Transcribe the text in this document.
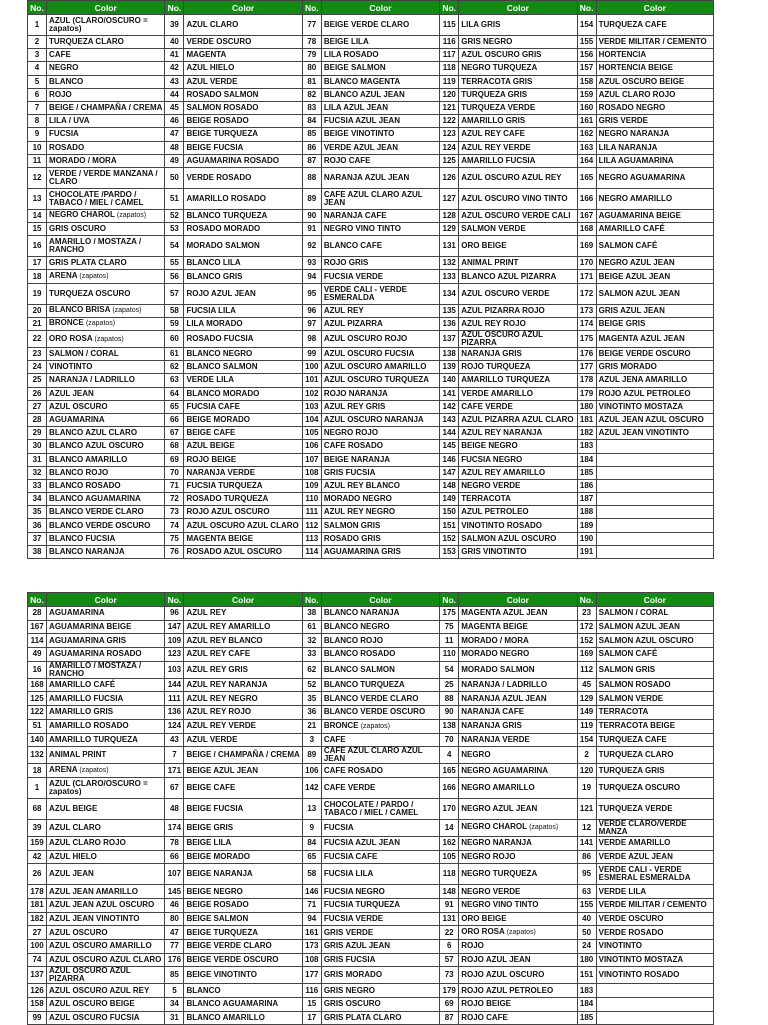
No.	Color	No.	Color	No.	Color	No.	Color	No.	Color
1	AZUL (CLARO/OSCURO = zapatos)	39	AZUL CLARO	77	BEIGE VERDE CLARO	115	LILA GRIS	154	TURQUEZA CAFE
2	TURQUEZA CLARO	40	VERDE OSCURO	78	BEIGE LILA	116	GRIS NEGRO	155	VERDE MILITAR / CEMENTO
3	CAFE	41	MAGENTA	79	LILA ROSADO	117	AZUL OSCURO GRIS	156	HORTENCIA
4	NEGRO	42	AZUL HIELO	80	BEIGE SALMON	118	NEGRO TURQUEZA	157	HORTENCIA BEIGE
5	BLANCO	43	AZUL VERDE	81	BLANCO MAGENTA	119	TERRACOTA GRIS	158	AZUL OSCURO BEIGE
6	ROJO	44	ROSADO SALMON	82	BLANCO AZUL JEAN	120	TURQUEZA GRIS	159	AZUL CLARO ROJO
7	BEIGE / CHAMPAÑA / CREMA	45	SALMON ROSADO	83	LILA AZUL JEAN	121	TURQUEZA VERDE	160	ROSADO NEGRO
8	LILA / UVA	46	BEIGE ROSADO	84	FUCSIA AZUL JEAN	122	AMARILLO GRIS	161	GRIS VERDE
9	FUCSIA	47	BEIGE TURQUEZA	85	BEIGE VINOTINTO	123	AZUL REY CAFE	162	NEGRO NARANJA
10	ROSADO	48	BEIGE FUCSIA	86	VERDE AZUL JEAN	124	AZUL REY VERDE	163	LILA NARANJA
11	MORADO / MORA	49	AGUAMARINA ROSADO	87	ROJO CAFE	125	AMARILLO FUCSIA	164	LILA AGUAMARINA
12	VERDE / VERDE MANZANA / CLARO	50	VERDE ROSADO	88	NARANJA AZUL JEAN	126	AZUL OSCURO AZUL REY	165	NEGRO AGUAMARINA
13	CHOCOLATE /PARDO / TABACO / MIEL / CAMEL	51	AMARILLO ROSADO	89	CAFE AZUL CLARO AZUL JEAN	127	AZUL OSCURO VINO TINTO	166	NEGRO AMARILLO
14	NEGRO CHAROL (zapatos)	52	BLANCO TURQUEZA	90	NARANJA CAFE	128	AZUL OSCURO VERDE CALI	167	AGUAMARINA BEIGE
15	GRIS OSCURO	53	ROSADO MORADO	91	NEGRO VINO TINTO	129	SALMON VERDE	168	AMARILLO CAFÉ
16	AMARILLO / MOSTAZA / RANCHO	54	MORADO SALMON	92	BLANCO CAFE	131	ORO BEIGE	169	SALMON CAFÉ
17	GRIS PLATA CLARO	55	BLANCO LILA	93	ROJO GRIS	132	ANIMAL PRINT	170	NEGRO AZUL JEAN
18	ARENA (zapatos)	56	BLANCO GRIS	94	FUCSIA VERDE	133	BLANCO AZUL PIZARRA	171	BEIGE AZUL JEAN
19	TURQUEZA OSCURO	57	ROJO AZUL JEAN	95	VERDE CALI - VERDE ESMERALDA	134	AZUL OSCURO VERDE	172	SALMON AZUL JEAN
20	BLANCO BRISA (zapatos)	58	FUCSIA LILA	96	AZUL REY	135	AZUL PIZARRA ROJO	173	GRIS AZUL JEAN
21	BRONCE (zapatos)	59	LILA MORADO	97	AZUL PIZARRA	136	AZUL REY ROJO	174	BEIGE GRIS
22	ORO ROSA (zapatos)	60	ROSADO FUCSIA	98	AZUL OSCURO ROJO	137	AZUL OSCURO AZUL PIZARRA	175	MAGENTA AZUL JEAN
23	SALMON / CORAL	61	BLANCO NEGRO	99	AZUL OSCURO FUCSIA	138	NARANJA GRIS	176	BEIGE VERDE OSCURO
24	VINOTINTO	62	BLANCO SALMON	100	AZUL OSCURO AMARILLO	139	ROJO TURQUEZA	177	GRIS MORADO
25	NARANJA / LADRILLO	63	VERDE LILA	101	AZUL OSCURO TURQUEZA	140	AMARILLO TURQUEZA	178	AZUL JENA AMARILLO
26	AZUL JEAN	64	BLANCO MORADO	102	ROJO NARANJA	141	VERDE AMARILLO	179	ROJO AZUL PETROLEO
27	AZUL OSCURO	65	FUCSIA CAFE	103	AZUL REY GRIS	142	CAFE VERDE	180	VINOTINTO MOSTAZA
28	AGUAMARINA	66	BEIGE MORADO	104	AZUL OSCURO NARANJA	143	AZUL PIZARRA AZUL CLARO	181	AZUL JEAN AZUL OSCURO
29	BLANCO AZUL CLARO	67	BEIGE CAFE	105	NEGRO ROJO	144	AZUL REY NARANJA	182	AZUL JEAN VINOTINTO
30	BLANCO AZUL OSCURO	68	AZUL BEIGE	106	CAFE ROSADO	145	BEIGE NEGRO	183	
31	BLANCO AMARILLO	69	ROJO BEIGE	107	BEIGE NARANJA	146	FUCSIA NEGRO	184	
32	BLANCO ROJO	70	NARANJA VERDE	108	GRIS FUCSIA	147	AZUL REY AMARILLO	185	
33	BLANCO ROSADO	71	FUCSIA TURQUEZA	109	AZUL REY BLANCO	148	NEGRO VERDE	186	
34	BLANCO AGUAMARINA	72	ROSADO TURQUEZA	110	MORADO NEGRO	149	TERRACOTA	187	
35	BLANCO VERDE CLARO	73	ROJO AZUL OSCURO	111	AZUL REY NEGRO	150	AZUL PETROLEO	188	
36	BLANCO VERDE OSCURO	74	AZUL OSCURO AZUL CLARO	112	SALMON GRIS	151	VINOTINTO ROSADO	189	
37	BLANCO FUCSIA	75	MAGENTA BEIGE	113	ROSADO GRIS	152	SALMON AZUL OSCURO	190	
38	BLANCO NARANJA	76	ROSADO AZUL OSCURO	114	AGUAMARINA GRIS	153	GRIS VINOTINTO	191	
No.	Color	No.	Color	No.	Color	No.	Color	No.	Color
28	AGUAMARINA	96	AZUL REY	38	BLANCO NARANJA	175	MAGENTA AZUL JEAN	23	SALMON / CORAL
167	AGUAMARINA BEIGE	147	AZUL REY AMARILLO	61	BLANCO NEGRO	75	MAGENTA BEIGE	172	SALMON AZUL JEAN
114	AGUAMARINA GRIS	109	AZUL REY BLANCO	32	BLANCO ROJO	11	MORADO / MORA	152	SALMON AZUL OSCURO
49	AGUAMARINA ROSADO	123	AZUL REY CAFE	33	BLANCO ROSADO	110	MORADO NEGRO	169	SALMON CAFÉ
16	AMARILLO / MOSTAZA / RANCHO	103	AZUL REY GRIS	62	BLANCO SALMON	54	MORADO SALMON	112	SALMON GRIS
168	AMARILLO CAFÉ	144	AZUL REY NARANJA	52	BLANCO TURQUEZA	25	NARANJA / LADRILLO	45	SALMON ROSADO
125	AMARILLO FUCSIA	111	AZUL REY NEGRO	35	BLANCO VERDE CLARO	88	NARANJA AZUL JEAN	129	SALMON VERDE
122	AMARILLO GRIS	136	AZUL REY ROJO	36	BLANCO VERDE OSCURO	90	NARANJA CAFE	149	TERRACOTA
51	AMARILLO ROSADO	124	AZUL REY VERDE	21	BRONCE (zapatos)	138	NARANJA GRIS	119	TERRACOTA BEIGE
140	AMARILLO TURQUEZA	43	AZUL VERDE	3	CAFE	70	NARANJA VERDE	154	TURQUEZA CAFE
132	ANIMAL PRINT	7	BEIGE / CHAMPAÑA / CREMA	89	CAFE AZUL CLARO AZUL JEAN	4	NEGRO	2	TURQUEZA CLARO
18	ARENA (zapatos)	171	BEIGE AZUL JEAN	106	CAFE ROSADO	165	NEGRO AGUAMARINA	120	TURQUEZA GRIS
1	AZUL (CLARO/OSCURO = zapatos)	67	BEIGE CAFE	142	CAFE VERDE	166	NEGRO AMARILLO	19	TURQUEZA OSCURO
68	AZUL BEIGE	48	BEIGE FUCSIA	13	CHOCOLATE / PARDO / TABACO / MIEL / CAMEL	170	NEGRO AZUL JEAN	121	TURQUEZA VERDE
39	AZUL CLARO	174	BEIGE GRIS	9	FUCSIA	14	NEGRO CHAROL (zapatos)	12	VERDE CLARO/VERDE MANZA
159	AZUL CLARO ROJO	78	BEIGE LILA	84	FUCSIA AZUL JEAN	162	NEGRO NARANJA	141	VERDE AMARILLO
42	AZUL HIELO	66	BEIGE MORADO	65	FUCSIA CAFE	105	NEGRO ROJO	86	VERDE AZUL JEAN
26	AZUL JEAN	107	BEIGE NARANJA	58	FUCSIA LILA	118	NEGRO TURQUEZA	95	VERDE CALI - VERDE ESMERAL ESMERALDA
178	AZUL JEAN AMARILLO	145	BEIGE NEGRO	146	FUCSIA NEGRO	148	NEGRO VERDE	63	VERDE LILA
181	AZUL JEAN AZUL OSCURO	46	BEIGE ROSADO	71	FUCSIA TURQUEZA	91	NEGRO VINO TINTO	155	VERDE MILITAR / CEMENTO
182	AZUL JEAN VINOTINTO	80	BEIGE SALMON	94	FUCSIA VERDE	131	ORO BEIGE	40	VERDE OSCURO
27	AZUL OSCURO	47	BEIGE TURQUEZA	161	GRIS VERDE	22	ORO ROSA (zapatos)	50	VERDE ROSADO
100	AZUL OSCURO AMARILLO	77	BEIGE VERDE CLARO	173	GRIS AZUL JEAN	6	ROJO	24	VINOTINTO
74	AZUL OSCURO AZUL CLARO	176	BEIGE VERDE OSCURO	108	GRIS FUCSIA	57	ROJO AZUL JEAN	180	VINOTINTO MOSTAZA
137	AZUL OSCURO AZUL PIZARRA	85	BEIGE VINOTINTO	177	GRIS MORADO	73	ROJO AZUL OSCURO	151	VINOTINTO ROSADO
126	AZUL OSCURO AZUL REY	5	BLANCO	116	GRIS NEGRO	179	ROJO AZUL PETROLEO	183	
158	AZUL OSCURO BEIGE	34	BLANCO AGUAMARINA	15	GRIS OSCURO	69	ROJO BEIGE	184	
99	AZUL OSCURO FUCSIA	31	BLANCO AMARILLO	17	GRIS PLATA CLARO	87	ROJO CAFE	185	
